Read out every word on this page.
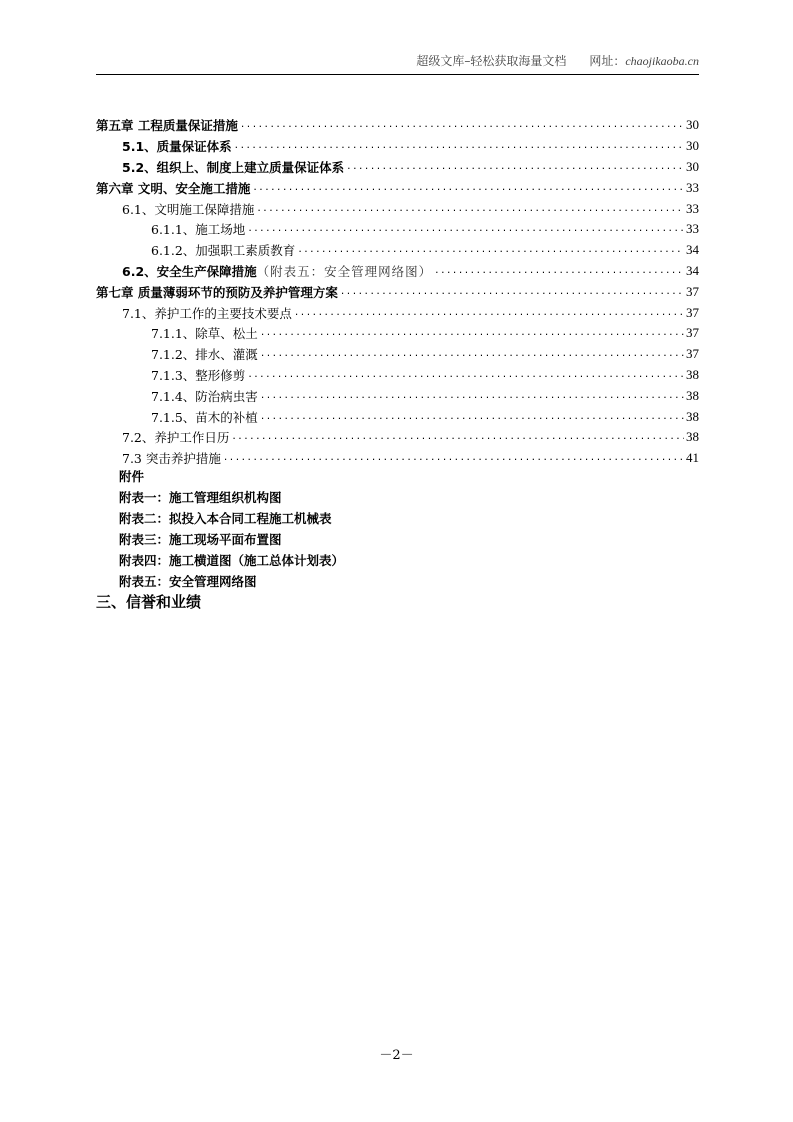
超级文库–轻松获取海量文档 网址：chaojikaoba.cn
第五章 工程质量保证措施 .....	30
5.1、质量保证体系 .....	30
5.2、组织上、制度上建立质量保证体系 .....	30
第六章 文明、安全施工措施 .....	33
6.1、文明施工保障措施 .....	33
6.1.1、施工场地 .....	33
6.1.2、加强职工素质教育 .....	34
6.2、安全生产保障措施 （附表五：安全管理网络图） .....	34
第七章 质量薄弱环节的预防及养护管理方案 .....	37
7.1、养护工作的主要技术要点 .....	37
7.1.1、除草、松土 .....	37
7.1.2、排水、灌溉 .....	37
7.1.3、整形修剪 .....	38
7.1.4、防治病虫害 .....	38
7.1.5、苗木的补植 .....	38
7.2、养护工作日历 .....	38
7.3 突击养护措施 .....	41
附件
附表一：施工管理组织机构图
附表二：拟投入本合同工程施工机械表
附表三：施工现场平面布置图
附表四：施工横道图（施工总体计划表）
附表五：安全管理网络图
三、信誉和业绩
－2－
